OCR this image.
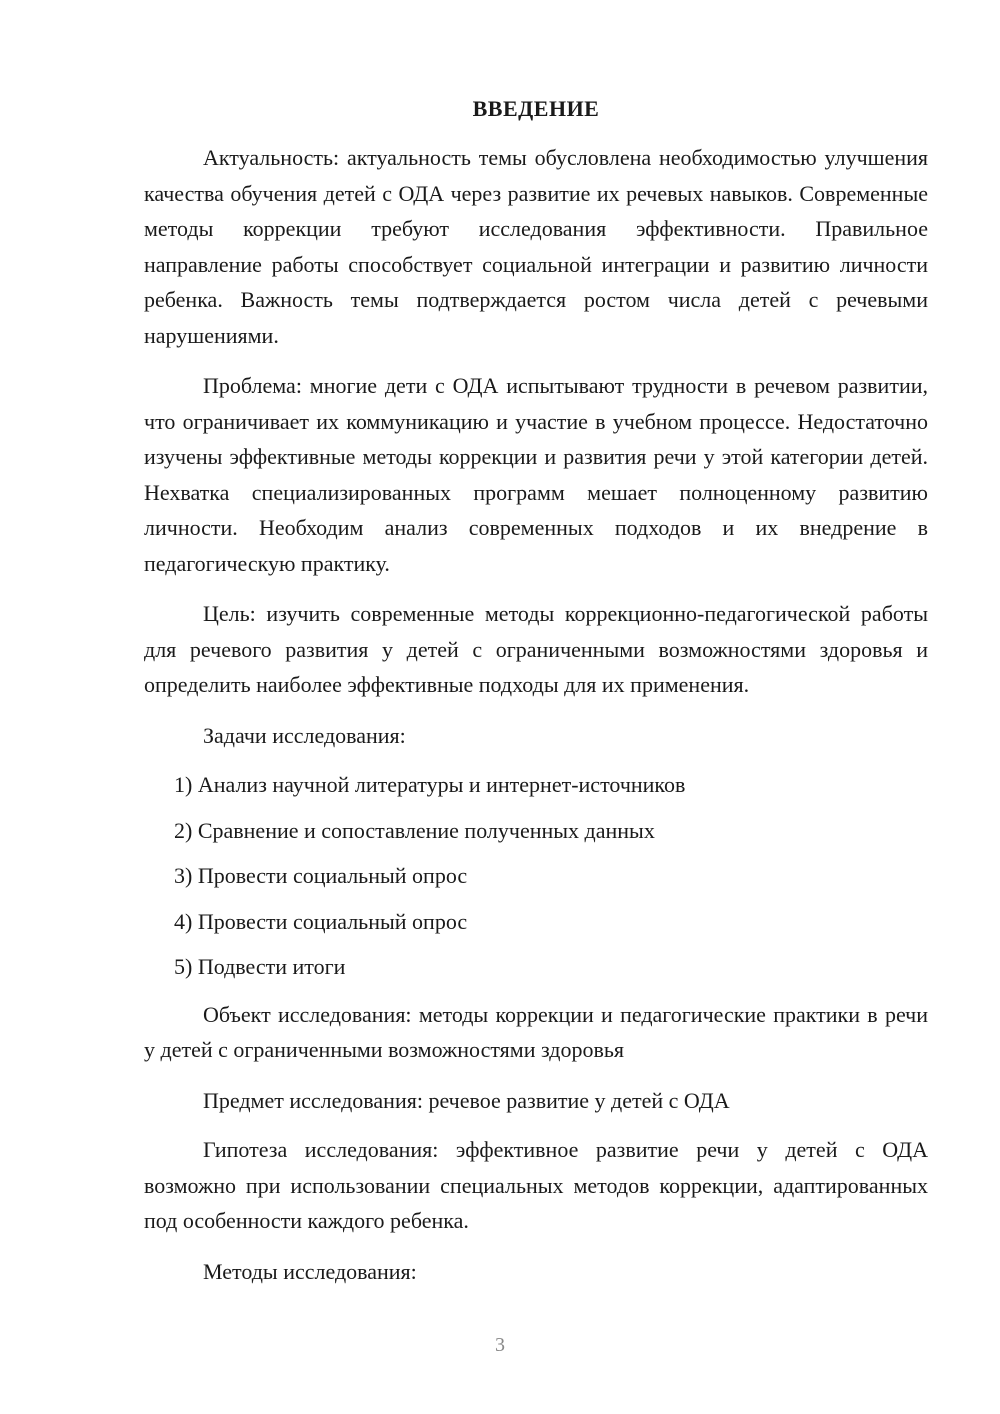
ВВЕДЕНИЕ

Актуальность: актуальность темы обусловлена необходимостью улучшения качества обучения детей с ОДА через развитие их речевых навыков. Современные методы коррекции требуют исследования эффективности. Правильное направление работы способствует социальной интеграции и развитию личности ребенка. Важность темы подтверждается ростом числа детей с речевыми нарушениями.

Проблема: многие дети с ОДА испытывают трудности в речевом развитии, что ограничивает их коммуникацию и участие в учебном процессе. Недостаточно изучены эффективные методы коррекции и развития речи у этой категории детей. Нехватка специализированных программ мешает полноценному развитию личности. Необходим анализ современных подходов и их внедрение в педагогическую практику.

Цель: изучить современные методы коррекционно-педагогической работы для речевого развития у детей с ограниченными возможностями здоровья и определить наиболее эффективные подходы для их применения.

Задачи исследования:
1) Анализ научной литературы и интернет-источников
2) Сравнение и сопоставление полученных данных
3) Провести социальный опрос
4) Провести социальный опрос
5) Подвести итоги

Объект исследования: методы коррекции и педагогические практики в речи у детей с ограниченными возможностями здоровья

Предмет исследования: речевое развитие у детей с ОДА

Гипотеза исследования: эффективное развитие речи у детей с ОДА возможно при использовании специальных методов коррекции, адаптированных под особенности каждого ребенка.

Методы исследования:
3
